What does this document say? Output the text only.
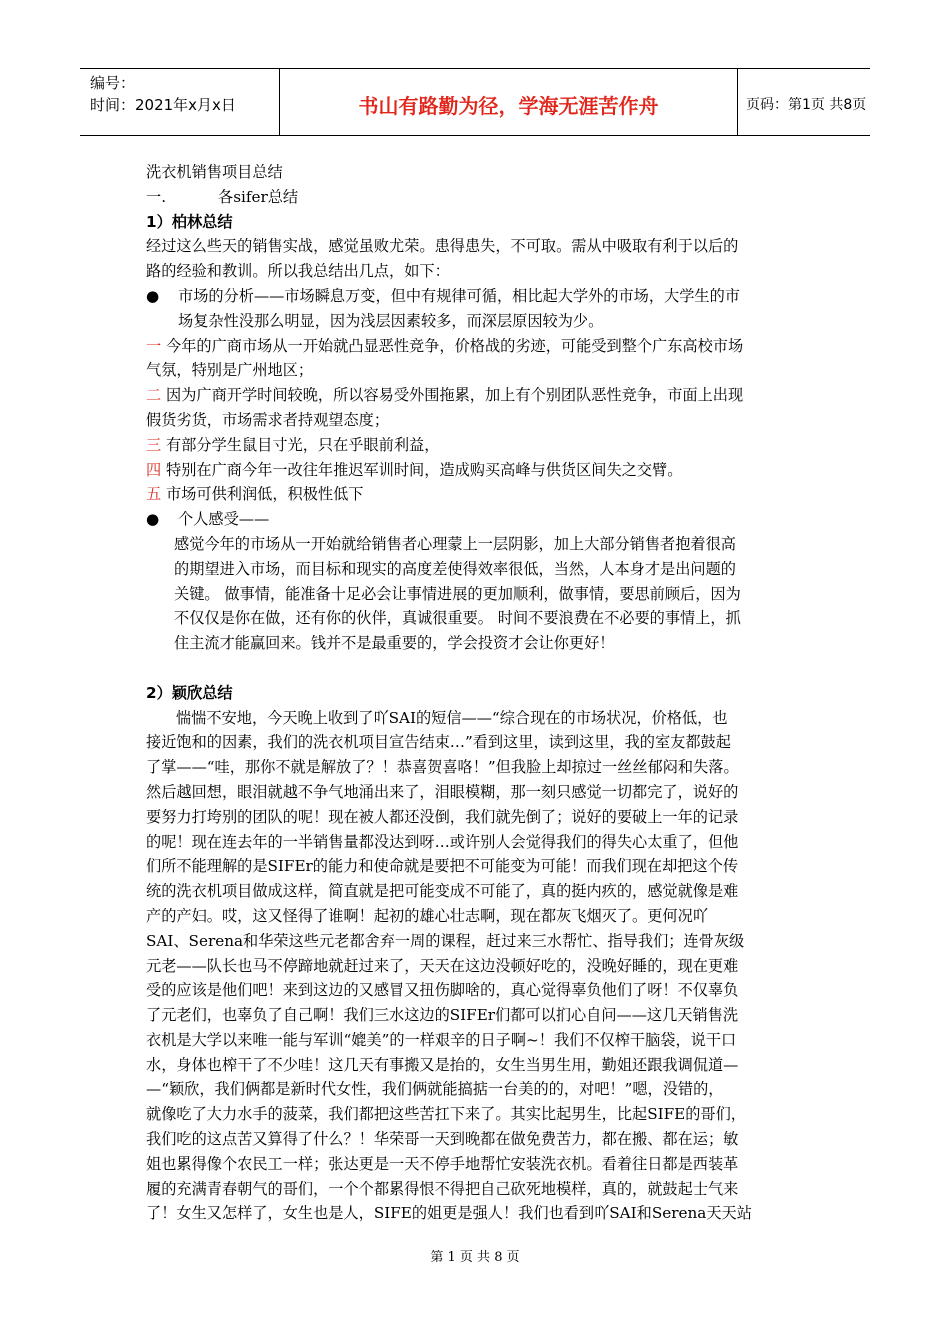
编号：
时间：2021年x月x日	书山有路勤为径，学海无涯苦作舟	页码：第1页 共8页
洗衣机销售项目总结
一.	各sifer总结
1）柏林总结
经过这么些天的销售实战，感觉虽败尤荣。患得患失，不可取。需从中吸取有利于以后的
路的经验和教训。所以我总结出几点，如下：
●	市场的分析——市场瞬息万变，但中有规律可循，相比起大学外的市场，大学生的市
场复杂性没那么明显，因为浅层因素较多，而深层原因较为少。
一 今年的广商市场从一开始就凸显恶性竞争，价格战的劣迹，可能受到整个广东高校市场
气氛，特别是广州地区；
二 因为广商开学时间较晚，所以容易受外围拖累，加上有个别团队恶性竞争，市面上出现
假货劣货，市场需求者持观望态度；
三 有部分学生鼠目寸光，只在乎眼前利益，
四 特别在广商今年一改往年推迟军训时间，造成购买高峰与供货区间失之交臂。
五 市场可供利润低，积极性低下
●	个人感受——
感觉今年的市场从一开始就给销售者心理蒙上一层阴影，加上大部分销售者抱着很高
的期望进入市场，而目标和现实的高度差使得效率很低，当然，人本身才是出问题的
关键。 做事情，能准备十足必会让事情进展的更加顺利，做事情，要思前顾后，因为
不仅仅是你在做，还有你的伙伴，真诚很重要。 时间不要浪费在不必要的事情上，抓
住主流才能赢回来。钱并不是最重要的，学会投资才会让你更好！
2）颖欣总结
惴惴不安地，今天晚上收到了吖SAI的短信——“综合现在的市场状况，价格低，也
接近饱和的因素，我们的洗衣机项目宣告结束…”看到这里，读到这里，我的室友都鼓起
了掌——“哇，那你不就是解放了？！恭喜贺喜咯！”但我脸上却掠过一丝丝郁闷和失落。
然后越回想，眼泪就越不争气地涌出来了，泪眼模糊，那一刻只感觉一切都完了，说好的
要努力打垮别的团队的呢！现在被人都还没倒，我们就先倒了；说好的要破上一年的记录
的呢！现在连去年的一半销售量都没达到呀…或许别人会觉得我们的得失心太重了，但他
们所不能理解的是SIFEr的能力和使命就是要把不可能变为可能！而我们现在却把这个传
统的洗衣机项目做成这样，简直就是把可能变成不可能了，真的挺内疚的，感觉就像是难
产的产妇。哎，这又怪得了谁啊！起初的雄心壮志啊，现在都灰飞烟灭了。更何况吖
SAI、Serena和华荣这些元老都舍弃一周的课程，赶过来三水帮忙、指导我们；连骨灰级
元老——队长也马不停蹄地就赶过来了，天天在这边没顿好吃的，没晚好睡的，现在更难
受的应该是他们吧！来到这边的又感冒又扭伤脚啥的，真心觉得辜负他们了呀！不仅辜负
了元老们，也辜负了自己啊！我们三水这边的SIFEr们都可以扪心自问——这几天销售洗
衣机是大学以来唯一能与军训“媲美”的一样艰辛的日子啊~！我们不仅榨干脑袋，说干口
水，身体也榨干了不少哇！这几天有事搬又是抬的，女生当男生用，勤姐还跟我调侃道—
—“颖欣，我们俩都是新时代女性，我们俩就能搞掂一台美的的，对吧！”嗯，没错的，
就像吃了大力水手的菠菜，我们都把这些苦扛下来了。其实比起男生，比起SIFE的哥们，
我们吃的这点苦又算得了什么？！华荣哥一天到晚都在做免费苦力，都在搬、都在运；敏
姐也累得像个农民工一样；张达更是一天不停手地帮忙安装洗衣机。看着往日都是西装革
履的充满青春朝气的哥们，一个个都累得恨不得把自己砍死地模样，真的，就鼓起士气来
了！女生又怎样了，女生也是人，SIFE的姐更是强人！我们也看到吖SAI和Serena天天站
第 1 页 共 8 页
